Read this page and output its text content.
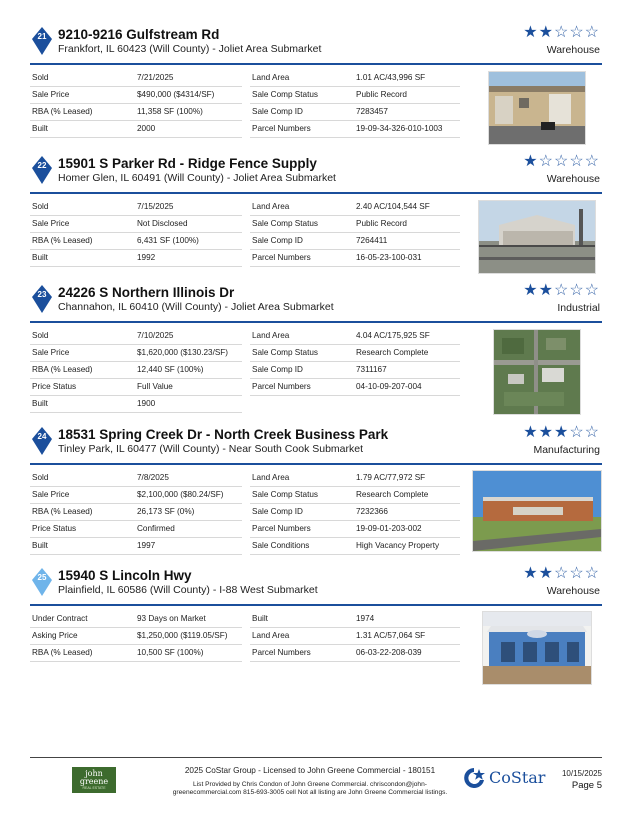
21 9210-9216 Gulfstream Rd
Frankfort, IL 60423 (Will County) - Joliet Area Submarket
★★☆☆☆
Warehouse
Sold	7/21/2025	Land Area	1.01 AC/43,996 SF
Sale Price	$490,000 ($4314/SF)	Sale Comp Status	Public Record
RBA (% Leased)	11,358 SF (100%)	Sale Comp ID	7283457
Built	2000	Parcel Numbers	19-09-34-326-010-1003
22 15901 S Parker Rd - Ridge Fence Supply
Homer Glen, IL 60491 (Will County) - Joliet Area Submarket
★☆☆☆☆
Warehouse
Sold	7/15/2025	Land Area	2.40 AC/104,544 SF
Sale Price	Not Disclosed	Sale Comp Status	Public Record
RBA (% Leased)	6,431 SF (100%)	Sale Comp ID	7264411
Built	1992	Parcel Numbers	16-05-23-100-031
23 24226 S Northern Illinois Dr
Channahon, IL 60410 (Will County) - Joliet Area Submarket
★★☆☆☆
Industrial
Sold	7/10/2025	Land Area	4.04 AC/175,925 SF
Sale Price	$1,620,000 ($130.23/SF)	Sale Comp Status	Research Complete
RBA (% Leased)	12,440 SF (100%)	Sale Comp ID	7311167
Price Status	Full Value	Parcel Numbers	04-10-09-207-004
Built	1900
24 18531 Spring Creek Dr - North Creek Business Park
Tinley Park, IL 60477 (Will County) - Near South Cook Submarket
★★★☆☆
Manufacturing
Sold	7/8/2025	Land Area	1.79 AC/77,972 SF
Sale Price	$2,100,000 ($80.24/SF)	Sale Comp Status	Research Complete
RBA (% Leased)	26,173 SF (0%)	Sale Comp ID	7232366
Price Status	Confirmed	Parcel Numbers	19-09-01-203-002
Built	1997	Sale Conditions	High Vacancy Property
25 15940 S Lincoln Hwy
Plainfield, IL 60586 (Will County) - I-88 West Submarket
★★☆☆☆
Warehouse
Under Contract	93 Days on Market	Built	1974
Asking Price	$1,250,000 ($119.05/SF)	Land Area	1.31 AC/57,064 SF
RBA (% Leased)	10,500 SF (100%)	Parcel Numbers	06-03-22-208-039
john
greene
REAL ESTATE
2025 CoStar Group - Licensed to John Greene Commercial - 180151
List Provided by Chris Condon of John Greene Commercial. chriscondon@john-greenecommercial.com 815-693-3005 cell Not all listing are John Greene Commercial listings.
CoStar 10/15/2025
Page 5
